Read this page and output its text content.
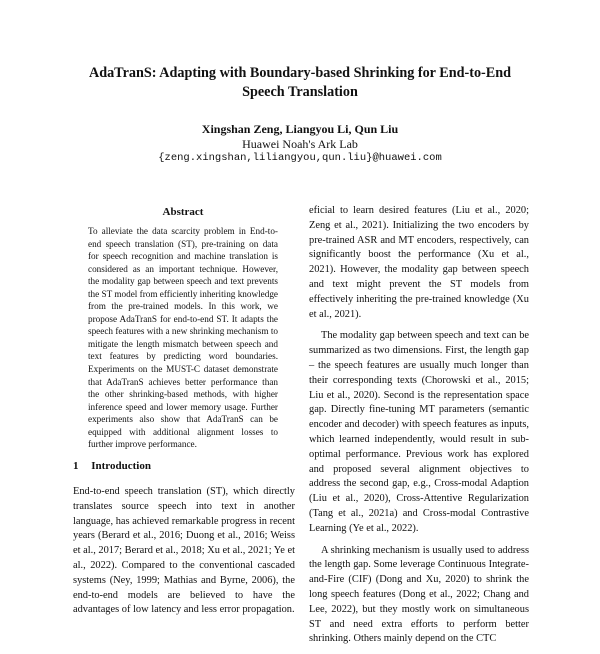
AdaTranS: Adapting with Boundary-based Shrinking for End-to-End
Speech Translation
Xingshan Zeng, Liangyou Li, Qun Liu
Huawei Noah's Ark Lab
{zeng.xingshan,liliangyou,qun.liu}@huawei.com
Abstract
To alleviate the data scarcity problem in End-to-end speech translation (ST), pre-training on data for speech recognition and machine translation is considered as an important technique. However, the modality gap between speech and text prevents the ST model from efficiently inheriting knowledge from the pre-trained models. In this work, we propose AdaTranS for end-to-end ST. It adapts the speech features with a new shrinking mechanism to mitigate the length mismatch between speech and text features by predicting word boundaries. Experiments on the MUST-C dataset demonstrate that AdaTranS achieves better performance than the other shrinking-based methods, with higher inference speed and lower memory usage. Further experiments also show that AdaTranS can be equipped with additional alignment losses to further improve performance.
1 Introduction

End-to-end speech translation (ST), which directly translates source speech into text in another language, has achieved remarkable progress in recent years (Berard et al., 2016; Duong et al., 2016; Weiss et al., 2017; Berard et al., 2018; Xu et al., 2021; Ye et al., 2022). Compared to the conventional cascaded systems (Ney, 1999; Mathias and Byrne, 2006), the end-to-end models are believed to have the advantages of low latency and less error propagation.

eficial to learn desired features (Liu et al., 2020; Zeng et al., 2021). Initializing the two encoders by pre-trained ASR and MT encoders, respectively, can significantly boost the performance (Xu et al., 2021). However, the modality gap between speech and text might prevent the ST models from effectively inheriting the pre-trained knowledge (Xu et al., 2021).

The modality gap between speech and text can be summarized as two dimensions. First, the length gap – the speech features are usually much longer than their corresponding texts (Chorowski et al., 2015; Liu et al., 2020). Second is the representation space gap. Directly fine-tuning MT parameters (semantic encoder and decoder) with speech features as inputs, which learned independently, would result in sub-optimal performance. Previous work has explored and proposed several alignment objectives to address the second gap, e.g., Cross-modal Adaption (Liu et al., 2020), Cross-Attentive Regularization (Tang et al., 2021a) and Cross-modal Contrastive Learning (Ye et al., 2022).

A shrinking mechanism is usually used to address the length gap. Some leverage Continuous Integrate-and-Fire (CIF) (Dong and Xu, 2020) to shrink the long speech features (Dong et al., 2022; Chang and Lee, 2022), but they mostly work on simultaneous ST and need extra efforts to perform better shrinking. Others mainly depend on the CTC
